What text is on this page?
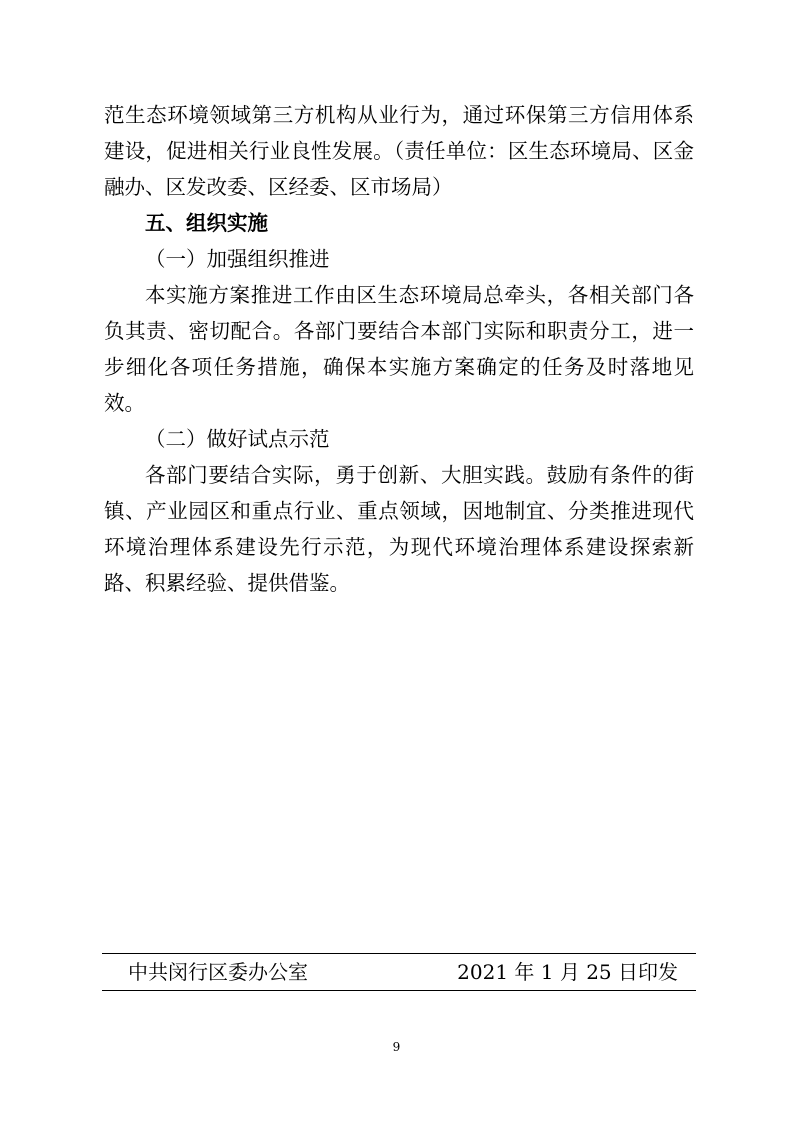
范生态环境领域第三方机构从业行为，通过环保第三方信用体系建设，促进相关行业良性发展。（责任单位：区生态环境局、区金融办、区发改委、区经委、区市场局）

五、组织实施

（一）加强组织推进

本实施方案推进工作由区生态环境局总牵头，各相关部门各负其责、密切配合。各部门要结合本部门实际和职责分工，进一步细化各项任务措施，确保本实施方案确定的任务及时落地见效。

（二）做好试点示范

各部门要结合实际，勇于创新、大胆实践。鼓励有条件的街镇、产业园区和重点行业、重点领域，因地制宜、分类推进现代环境治理体系建设先行示范，为现代环境治理体系建设探索新路、积累经验、提供借鉴。

中共闵行区委办公室	2021 年 1 月 25 日印发
9
